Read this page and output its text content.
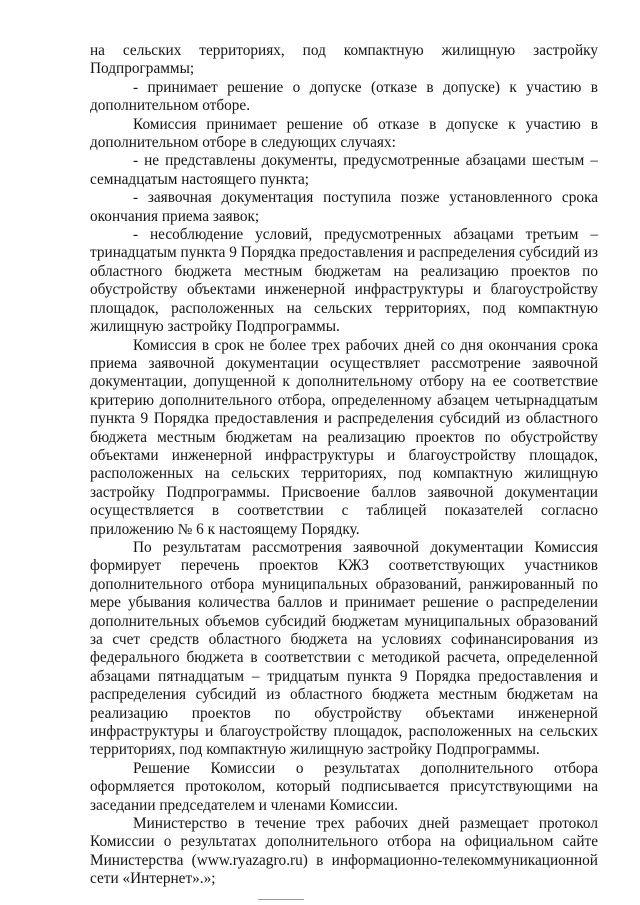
на сельских территориях, под компактную жилищную застройку Подпрограммы;

- принимает решение о допуске (отказе в допуске) к участию в дополнительном отборе.

Комиссия принимает решение об отказе в допуске к участию в дополнительном отборе в следующих случаях:

- не представлены документы, предусмотренные абзацами шестым – семнадцатым настоящего пункта;

- заявочная документация поступила позже установленного срока окончания приема заявок;

- несоблюдение условий, предусмотренных абзацами третьим – тринадцатым пункта 9 Порядка предоставления и распределения субсидий из областного бюджета местным бюджетам на реализацию проектов по обустройству объектами инженерной инфраструктуры и благоустройству площадок, расположенных на сельских территориях, под компактную жилищную застройку Подпрограммы.

Комиссия в срок не более трех рабочих дней со дня окончания срока приема заявочной документации осуществляет рассмотрение заявочной документации, допущенной к дополнительному отбору на ее соответствие критерию дополнительного отбора, определенному абзацем четырнадцатым пункта 9 Порядка предоставления и распределения субсидий из областного бюджета местным бюджетам на реализацию проектов по обустройству объектами инженерной инфраструктуры и благоустройству площадок, расположенных на сельских территориях, под компактную жилищную застройку Подпрограммы. Присвоение баллов заявочной документации осуществляется в соответствии с таблицей показателей согласно приложению № 6 к настоящему Порядку.

По результатам рассмотрения заявочной документации Комиссия формирует перечень проектов КЖЗ соответствующих участников дополнительного отбора муниципальных образований, ранжированный по мере убывания количества баллов и принимает решение о распределении дополнительных объемов субсидий бюджетам муниципальных образований за счет средств областного бюджета на условиях софинансирования из федерального бюджета в соответствии с методикой расчета, определенной абзацами пятнадцатым – тридцатым пункта 9 Порядка предоставления и распределения субсидий из областного бюджета местным бюджетам на реализацию проектов по обустройству объектами инженерной инфраструктуры и благоустройству площадок, расположенных на сельских территориях, под компактную жилищную застройку Подпрограммы.

Решение Комиссии о результатах дополнительного отбора оформляется протоколом, который подписывается присутствующими на заседании председателем и членами Комиссии.

Министерство в течение трех рабочих дней размещает протокол Комиссии о результатах дополнительного отбора на официальном сайте Министерства (www.ryazagro.ru) в информационно-телекоммуникационной сети «Интернет».»;
